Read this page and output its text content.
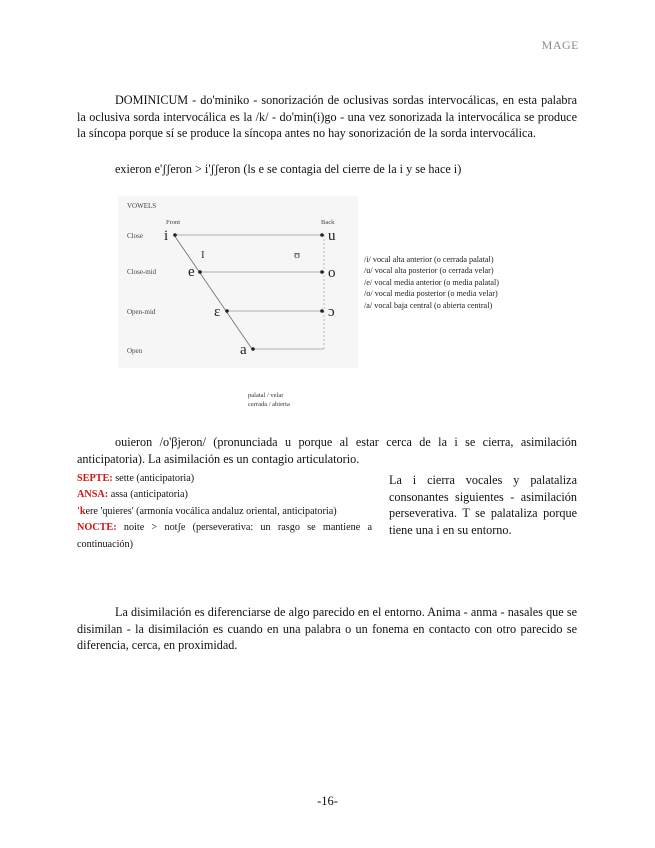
MAGE

DOMINICUM - do'miniko - sonorización de oclusivas sordas intervocálicas, en esta palabra la oclusiva sorda intervocálica es la /k/ - do'min(i)go - una vez sonorizada la intervocálica se produce la síncopa porque sí se produce la síncopa antes no hay sonorización de la sorda intervocálica.

exieron e'ʃʃeron > i'ʃʃeron (ls e se contagia del cierre de la i y se hace i)
VOWELS
Front	Back
Close
Close-mid
Open-mid
Open
i	u
I	ʊ
e	o
ε	ɔ
a
palatal / velar
cerrada / abierta
/i/ vocal alta anterior (o cerrada palatal)
/u/ vocal alta posterior (o cerrada velar)
/e/ vocal media anterior (o media palatal)
/o/ vocal media posterior (o media velar)
/a/ vocal baja central (o abierta central)

ouieron /o'βjeron/ (pronunciada u porque al estar cerca de la i se cierra, asimilación anticipatoria). La asimilación es un contagio articulatorio.

SEPTE: sette (anticipatoria)
ANSA: assa (anticipatoria)
'kere 'quieres' (armonía vocálica andaluz oriental, anticipatoria)
NOCTE: noite > notʃe (perseverativa: un rasgo se mantiene a continuación)
La i cierra vocales y palataliza consonantes siguientes - asimilación perseverativa. T se palataliza porque tiene una i en su entorno.

La disimilación es diferenciarse de algo parecido en el entorno. Anima - anma - nasales que se disimilan - la disimilación es cuando en una palabra o un fonema en contacto con otro parecido se diferencia, cerca, en proximidad.

-16-
